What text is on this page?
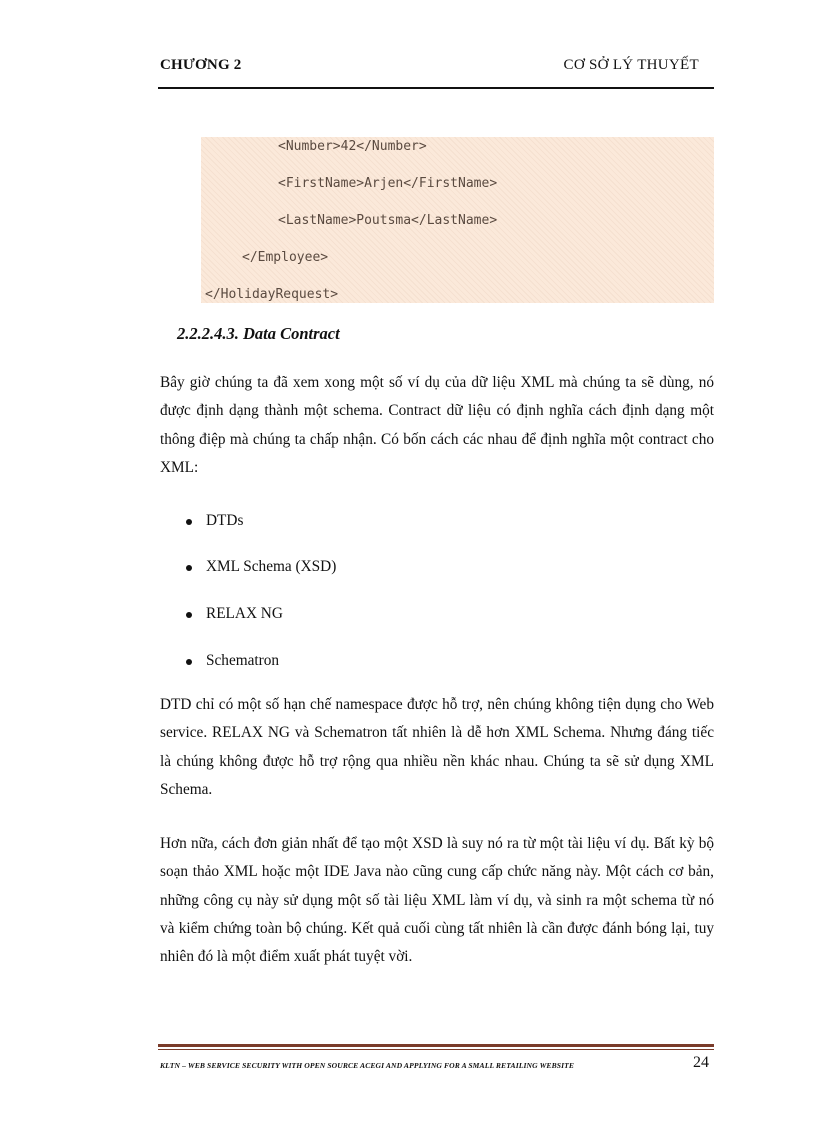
CHƯƠNG 2	CƠ SỞ LÝ THUYẾT
<Number>42</Number>
<FirstName>Arjen</FirstName>
<LastName>Poutsma</LastName>
</Employee>
</HolidayRequest>
2.2.2.4.3. Data Contract

Bây giờ chúng ta đã xem xong một số ví dụ của dữ liệu XML mà chúng ta sẽ dùng, nó được định dạng thành một schema. Contract dữ liệu có định nghĩa cách định dạng một thông điệp mà chúng ta chấp nhận. Có bốn cách các nhau để định nghĩa một contract cho XML:

DTDs
XML Schema (XSD)
RELAX NG
Schematron

DTD chỉ có một số hạn chế namespace được hỗ trợ, nên chúng không tiện dụng cho Web service. RELAX NG và Schematron tất nhiên là dễ hơn XML Schema. Nhưng đáng tiếc là chúng không được hỗ trợ rộng qua nhiều nền khác nhau. Chúng ta sẽ sử dụng XML Schema.

Hơn nữa, cách đơn giản nhất để tạo một XSD là suy nó ra từ một tài liệu ví dụ. Bất kỳ bộ soạn thảo XML hoặc một IDE Java nào cũng cung cấp chức năng này. Một cách cơ bản, những công cụ này sử dụng một số tài liệu XML làm ví dụ, và sinh ra một schema từ nó và kiểm chứng toàn bộ chúng. Kết quả cuối cùng tất nhiên là cần được đánh bóng lại, tuy nhiên đó là một điểm xuất phát tuyệt vời.

KLTN – WEB SERVICE SECURITY WITH OPEN SOURCE ACEGI AND APPLYING FOR A SMALL RETAILING WEBSITE	24
